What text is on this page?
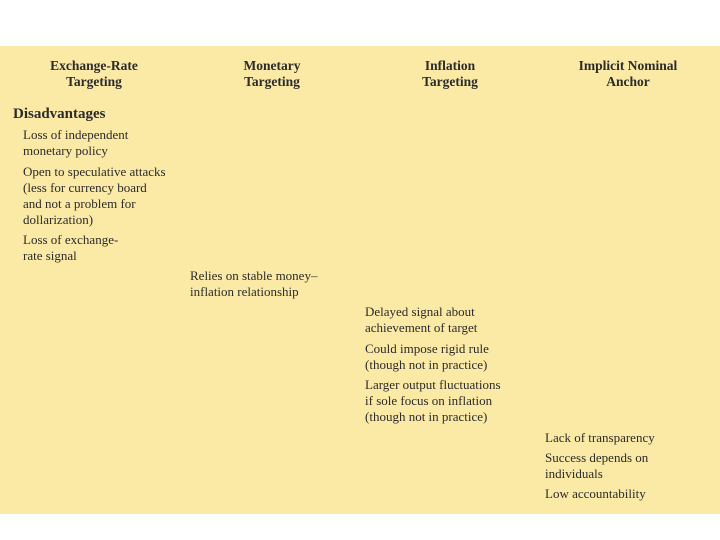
Exchange-Rate
Targeting
Monetary
Targeting
Inflation
Targeting
Implicit Nominal
Anchor
Disadvantages
Loss of independent
monetary policy
Open to speculative attacks
(less for currency board
and not a problem for
dollarization)
Loss of exchange-
rate signal
Relies on stable money–
inflation relationship
Delayed signal about
achievement of target
Could impose rigid rule
(though not in practice)
Larger output fluctuations
if sole focus on inflation
(though not in practice)
Lack of transparency
Success depends on
individuals
Low accountability
